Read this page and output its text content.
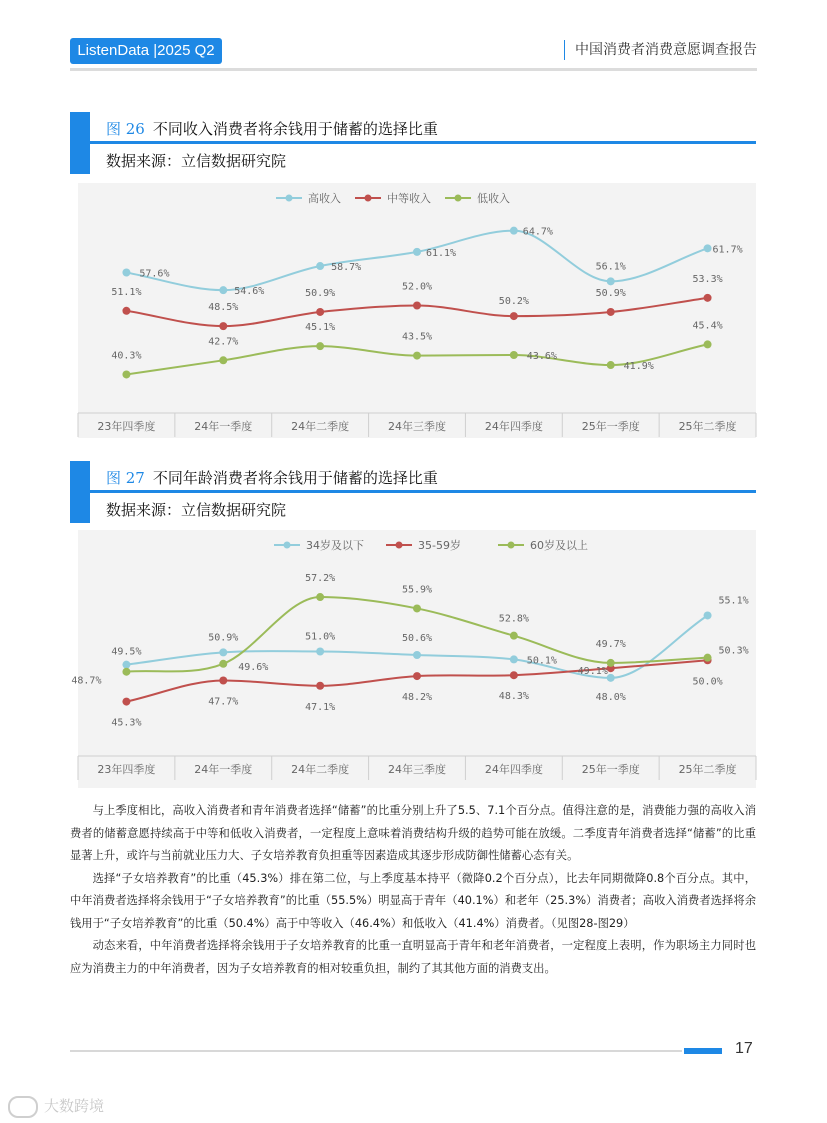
ListenData |2025 Q2	中国消费者消费意愿调查报告
图 26 不同收入消费者将余钱用于储蓄的选择比重
数据来源：立信数据研究院
高收入	中等收入	低收入
23年四季度	24年一季度	24年二季度	24年三季度	24年四季度	25年一季度	25年二季度
57.6%
54.6%
58.7%
61.1%
64.7%
56.1%
61.7%
51.1%
48.5%
50.9%
52.0%
50.2%
50.9%
53.3%
40.3%
42.7%
45.1%
43.5%
43.6%
41.9%
45.4%
图 27 不同年龄消费者将余钱用于储蓄的选择比重
数据来源：立信数据研究院
34岁及以下	35-59岁	60岁及以上
23年四季度	24年一季度	24年二季度	24年三季度	24年四季度	25年一季度	25年二季度
49.5%
50.9%	51.0%	50.6%
50.1%
48.0%
55.1%
45.3%
47.7%	47.1%
48.2%	48.3%
49.1%
50.0%
48.7%
49.6%
57.2%
55.9%
52.8%
49.7%
50.3%

与上季度相比，高收入消费者和青年消费者选择“储蓄”的比重分别上升了5.5、7.1个百分点。值得注意的是，消费能力强的高收入消费者的储蓄意愿持续高于中等和低收入消费者，一定程度上意味着消费结构升级的趋势可能在放缓。二季度青年消费者选择“储蓄”的比重显著上升，或许与当前就业压力大、子女培养教育负担重等因素造成其逐步形成防御性储蓄心态有关。

选择“子女培养教育”的比重（45.3%）排在第二位，与上季度基本持平（微降0.2个百分点），比去年同期微降0.8个百分点。其中，中年消费者选择将余钱用于“子女培养教育”的比重（55.5%）明显高于青年（40.1%）和老年（25.3%）消费者；高收入消费者选择将余钱用于“子女培养教育”的比重（50.4%）高于中等收入（46.4%）和低收入（41.4%）消费者。（见图28-图29）

动态来看，中年消费者选择将余钱用于子女培养教育的比重一直明显高于青年和老年消费者，一定程度上表明，作为职场主力同时也应为消费主力的中年消费者，因为子女培养教育的相对较重负担，制约了其其他方面的消费支出。

17
大数跨境
